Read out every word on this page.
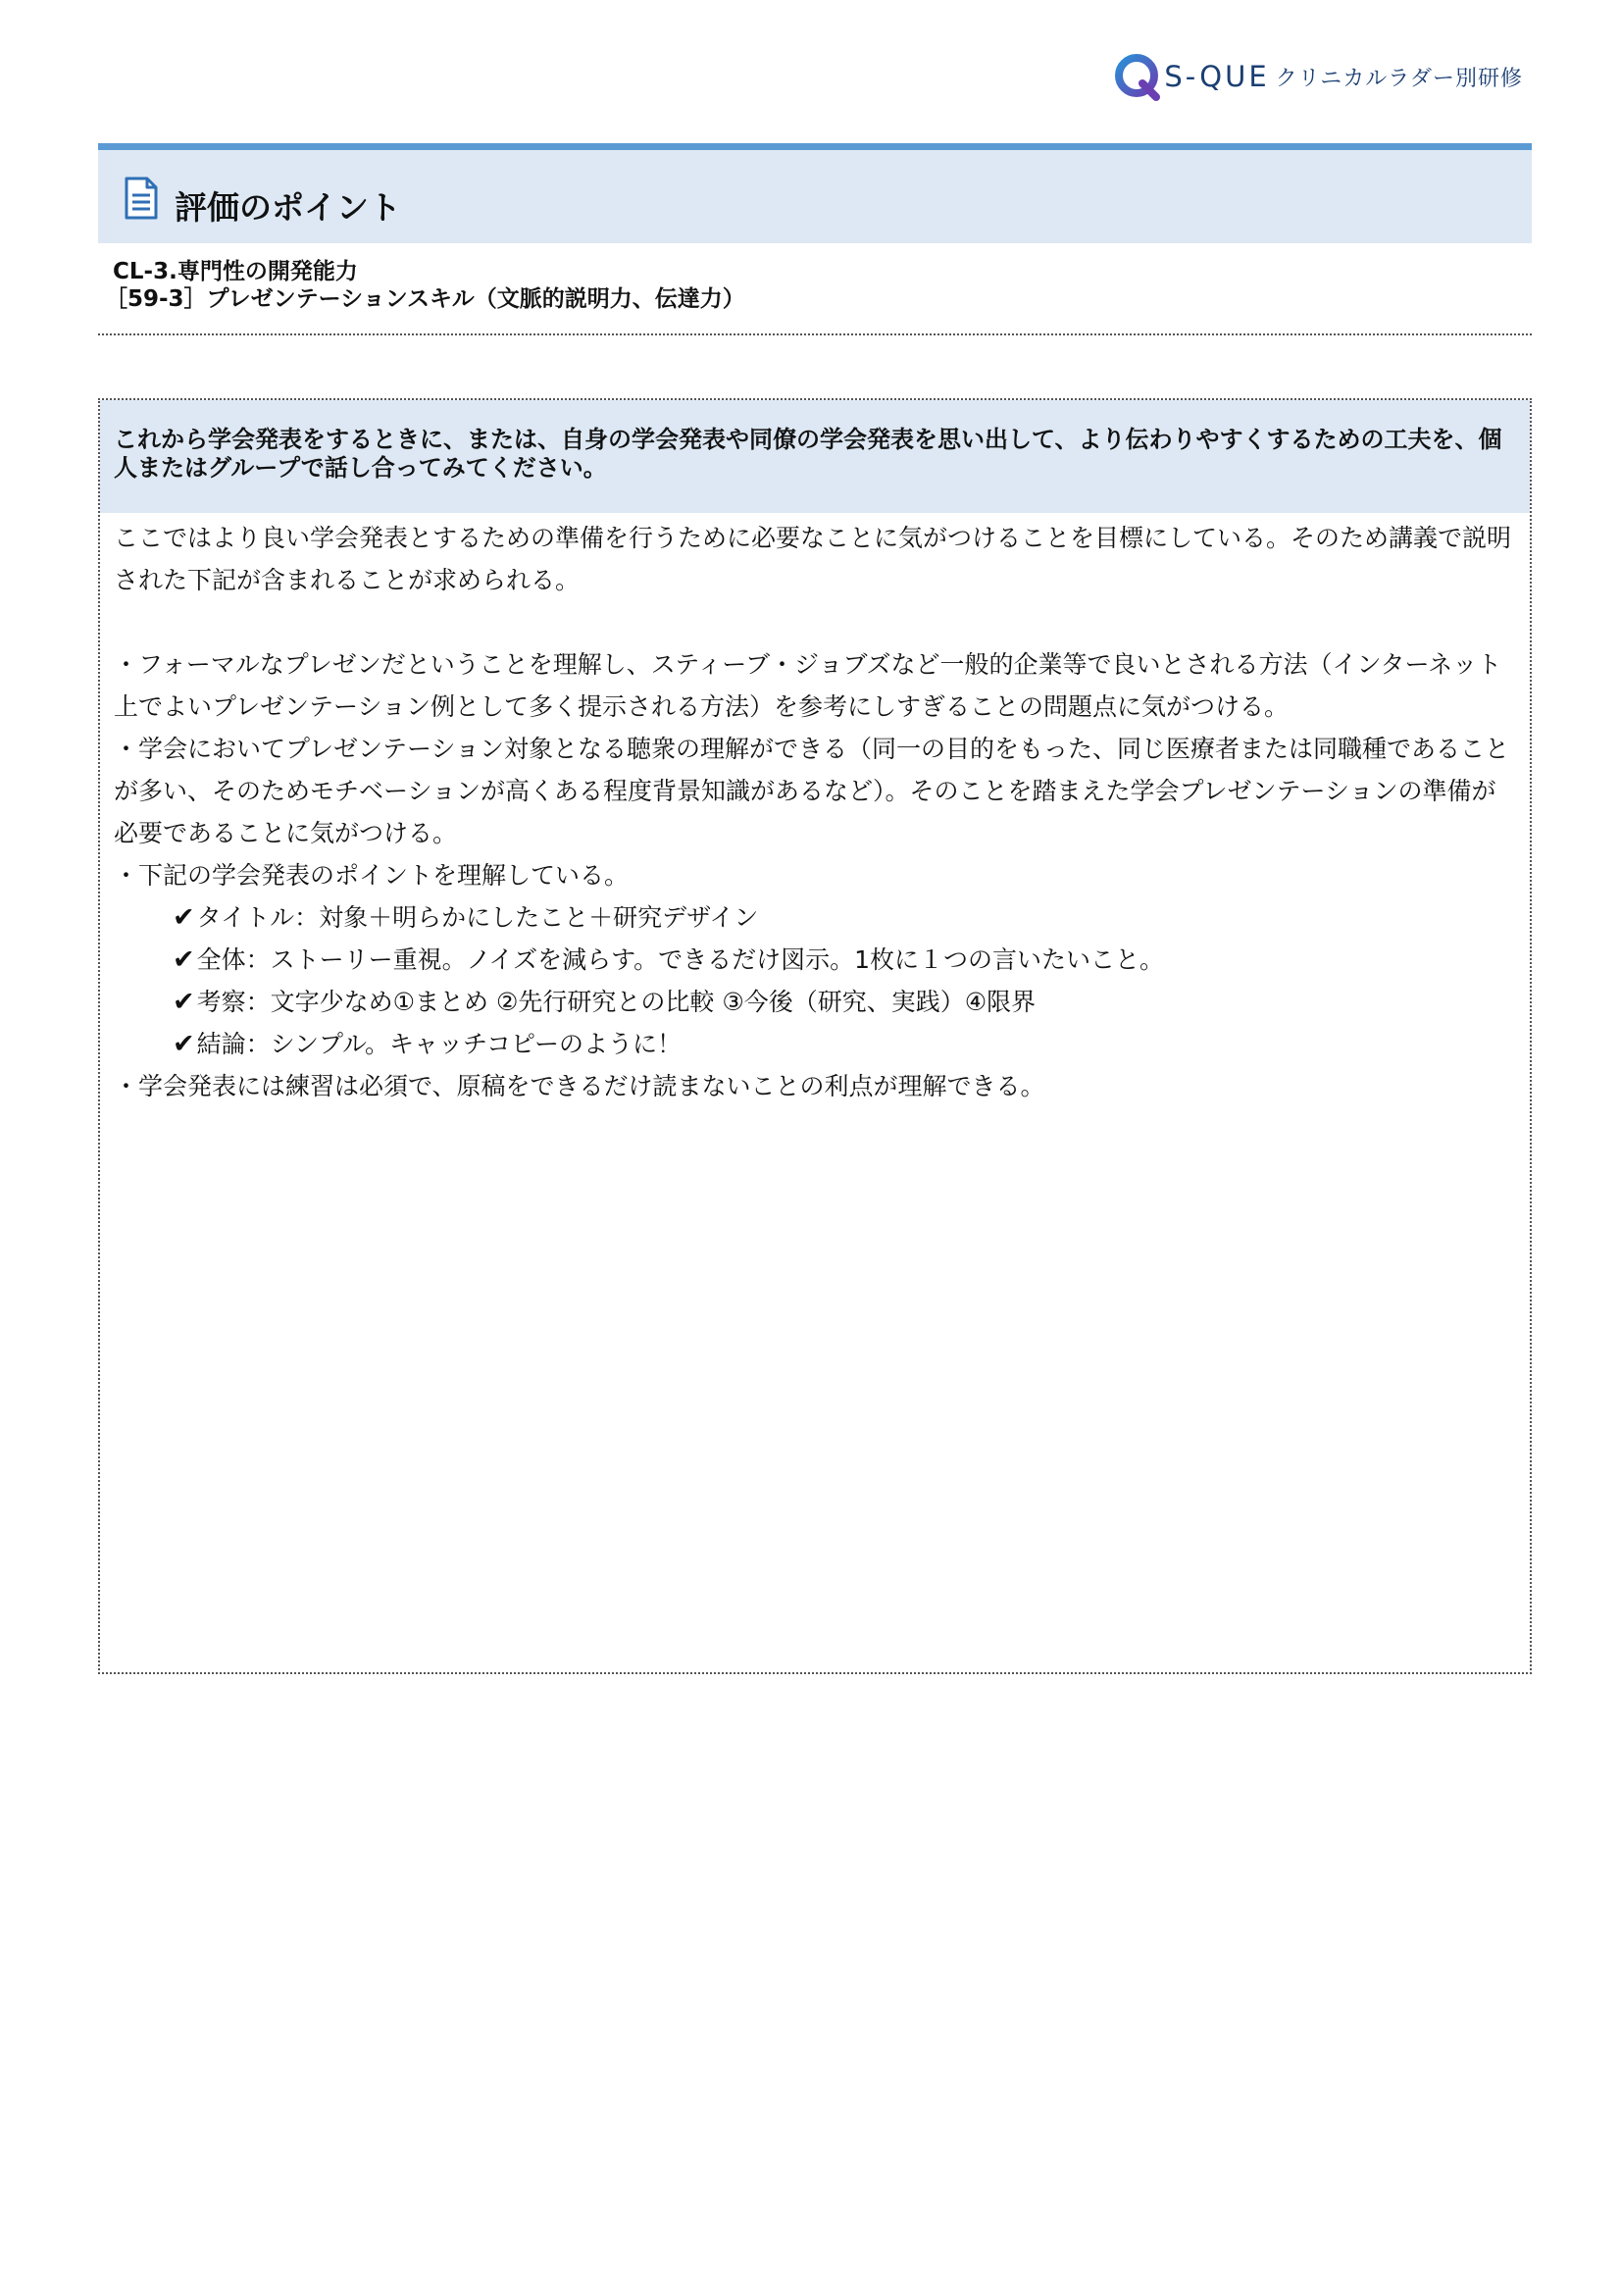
S-QUE クリニカルラダー別研修
評価のポイント
CL-3.専門性の開発能力
［59-3］プレゼンテーションスキル（文脈的説明力、伝達力）
これから学会発表をするときに、または、自身の学会発表や同僚の学会発表を思い出して、より伝わりやすくするための工夫を、個人またはグループで話し合ってみてください。

ここではより良い学会発表とするための準備を行うために必要なことに気がつけることを目標にしている。そのため講義で説明された下記が含まれることが求められる。

・フォーマルなプレゼンだということを理解し、スティーブ・ジョブズなど一般的企業等で良いとされる方法（インターネット上でよいプレゼンテーション例として多く提示される方法）を参考にしすぎることの問題点に気がつける。

・学会においてプレゼンテーション対象となる聴衆の理解ができる（同一の目的をもった、同じ医療者または同職種であることが多い、そのためモチベーションが高くある程度背景知識があるなど）。そのことを踏まえた学会プレゼンテーションの準備が必要であることに気がつける。

・下記の学会発表のポイントを理解している。

✔タイトル：対象＋明らかにしたこと＋研究デザイン
✔全体：ストーリー重視。ノイズを減らす。できるだけ図示。1枚に１つの言いたいこと。
✔考察：文字少なめ①まとめ ②先行研究との比較 ③今後（研究、実践）④限界
✔結論：シンプル。キャッチコピーのように！

・学会発表には練習は必須で、原稿をできるだけ読まないことの利点が理解できる。
